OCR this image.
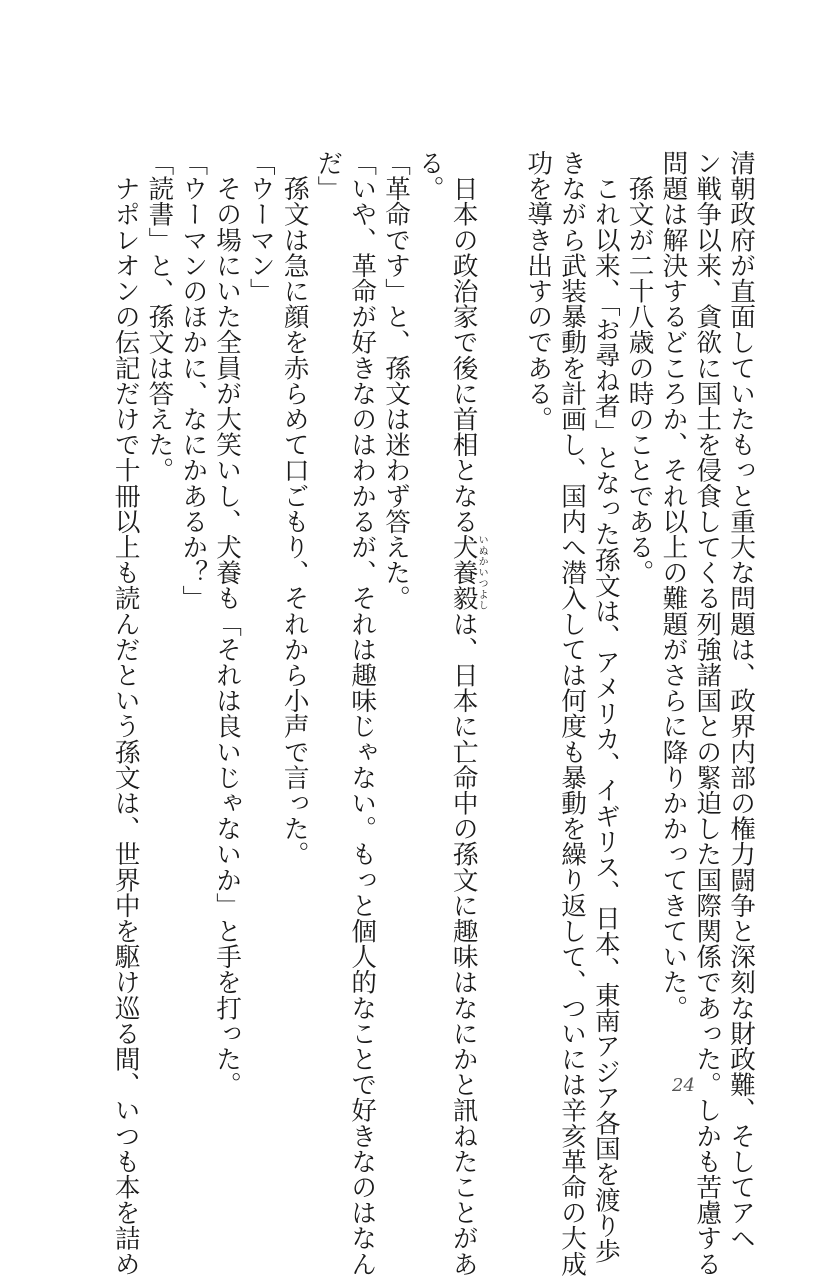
清朝政府が直面していたもっと重大な問題は、政界内部の権力闘争と深刻な財政難、そしてアヘ

ン戦争以来、貪欲に国土を侵食してくる列強諸国との緊迫した国際関係であった。しかも苦慮する

問題は解決するどころか、それ以上の難題がさらに降りかかってきていた。

　孫文が二十八歳の時のことである。

　これ以来、「お尋ね者」となった孫文は、アメリカ、イギリス、日本、東南アジア各国を渡り歩

きながら武装暴動を計画し、国内へ潜入しては何度も暴動を繰り返して、ついには辛亥革命の大成

功を導き出すのである。

　日本の政治家で後に首相となる犬養毅いぬかいつよしは、日本に亡命中の孫文に趣味はなにかと訊ねたことがあ

る。

「革命です」と、孫文は迷わず答えた。

「いや、革命が好きなのはわかるが、それは趣味じゃない。もっと個人的なことで好きなのはなん

だ」

　孫文は急に顔を赤らめて口ごもり、それから小声で言った。

「ウーマン」

　その場にいた全員が大笑いし、犬養も「それは良いじゃないか」と手を打った。

「ウーマンのほかに、なにかあるか？」

「読書」と、孫文は答えた。

　ナポレオンの伝記だけで十冊以上も読んだという孫文は、世界中を駆け巡る間、いつも本を詰め	24
